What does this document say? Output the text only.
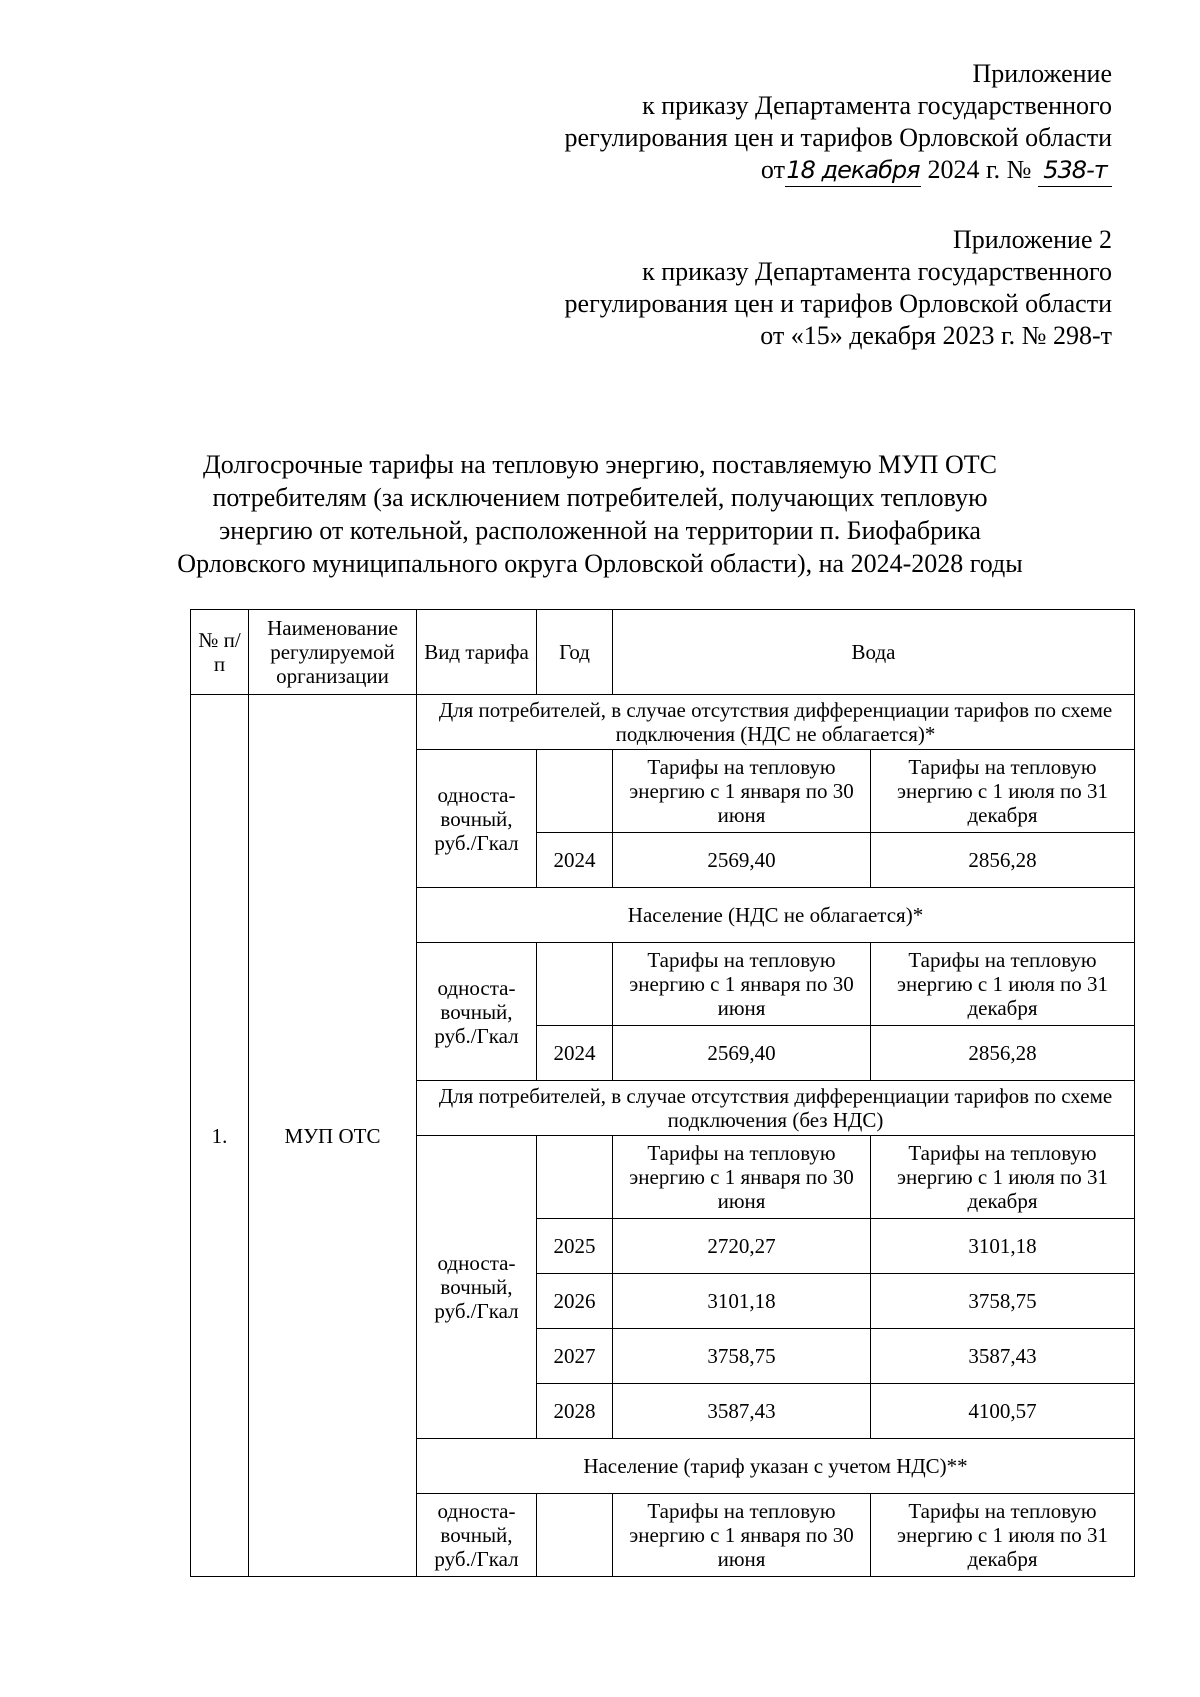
Приложение
к приказу Департамента государственного
регулирования цен и тарифов Орловской области
от18 декабря 2024 г. № 538-т
Приложение 2
к приказу Департамента государственного
регулирования цен и тарифов Орловской области
от «15» декабря 2023 г. № 298-т
Долгосрочные тарифы на тепловую энергию, поставляемую МУП ОТС
потребителям (за исключением потребителей, получающих тепловую
энергию от котельной, расположенной на территории п. Биофабрика
Орловского муниципального округа Орловской области), на 2024-2028 годы
№ п/п	Наименование регулируемой организации	Вид тарифа	Год	Вода	
1.	МУП ОТС	Для потребителей, в случае отсутствия дифференциации тарифов по схеме подключения (НДС не облагается)*			
		односта-вочный, руб./Гкал		Тарифы на тепловую энергию с 1 января по 30 июня	Тарифы на тепловую энергию с 1 июля по 31 декабря
			2024	2569,40	2856,28
		Население (НДС не облагается)*			
		односта-вочный, руб./Гкал		Тарифы на тепловую энергию с 1 января по 30 июня	Тарифы на тепловую энергию с 1 июля по 31 декабря
			2024	2569,40	2856,28
		Для потребителей, в случае отсутствия дифференциации тарифов по схеме подключения (без НДС)			
		односта-вочный, руб./Гкал		Тарифы на тепловую энергию с 1 января по 30 июня	Тарифы на тепловую энергию с 1 июля по 31 декабря
			2025	2720,27	3101,18
			2026	3101,18	3758,75
			2027	3758,75	3587,43
			2028	3587,43	4100,57
		Население (тариф указан с учетом НДС)**			
		односта-вочный, руб./Гкал		Тарифы на тепловую энергию с 1 января по 30 июня	Тарифы на тепловую энергию с 1 июля по 31 декабря
